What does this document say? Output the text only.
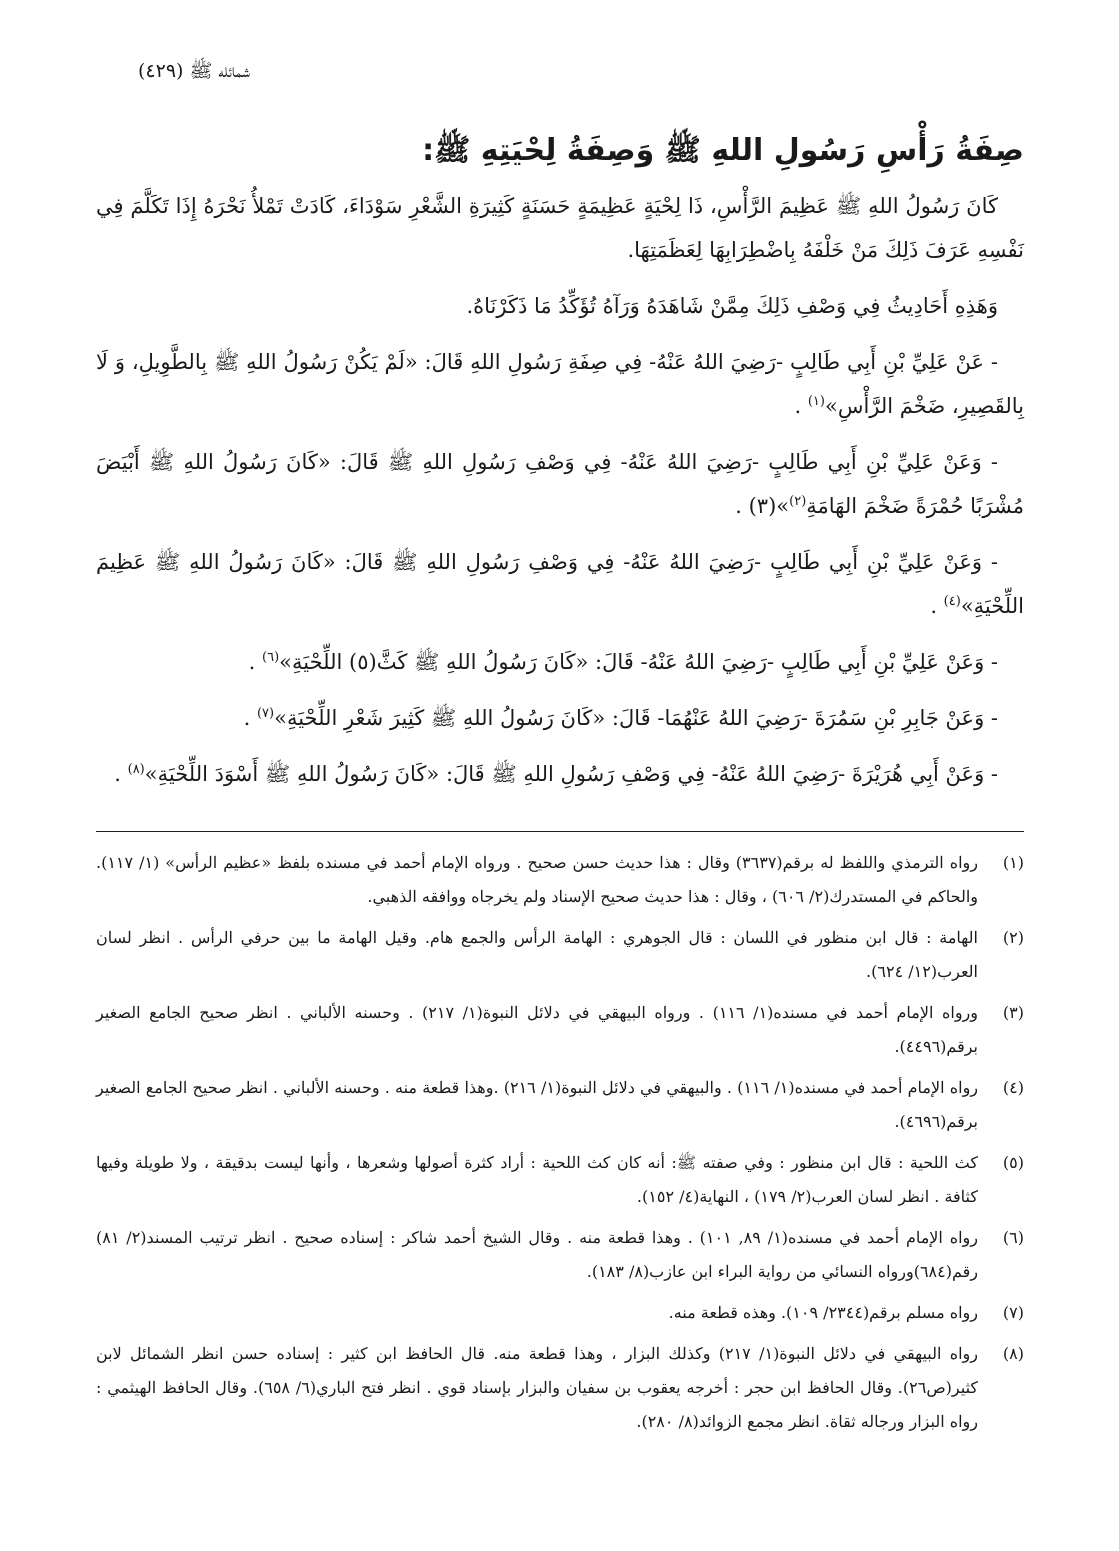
شمائله ﷺ (٤٢٩)
صِفَةُ رَأْسِ رَسُولِ اللهِ ﷺ وَصِفَةُ لِحْيَتِهِ ﷺ:

كَانَ رَسُولُ اللهِ ﷺ عَظِيمَ الرَّأْسِ، ذَا لِحْيَةٍ عَظِيمَةٍ حَسَنَةٍ كَثِيرَةِ الشَّعْرِ سَوْدَاءَ، كَادَتْ تَمْلأُ نَحْرَهُ إِذَا تَكَلَّمَ فِي نَفْسِهِ عَرَفَ ذَلِكَ مَنْ خَلْفَهُ بِاضْطِرَابِهَا لِعَظَمَتِهَا.

وَهَذِهِ أَحَادِيثُ فِي وَصْفِ ذَلِكَ مِمَّنْ شَاهَدَهُ وَرَآهُ تُؤَكِّدُ مَا ذَكَرْنَاهُ.

- عَنْ عَلِيِّ بْنِ أَبِي طَالِبٍ -رَضِيَ اللهُ عَنْهُ- فِي صِفَةِ رَسُولِ اللهِ قَالَ: «لَمْ يَكُنْ رَسُولُ اللهِ ﷺ بِالطَّوِيلِ، وَ لَا بِالقَصِيرِ، ضَخْمَ الرَّأْسِ»$^{(١)}$ .

- وَعَنْ عَلِيِّ بْنِ أَبِي طَالِبٍ -رَضِيَ اللهُ عَنْهُ- فِي وَصْفِ رَسُولِ اللهِ ﷺ قَالَ: «كَانَ رَسُولُ اللهِ ﷺ أَبْيَضَ مُشْرَبًا حُمْرَةً ضَخْمَ الهَامَةِ$^{(٢)}$»(٣) .

- وَعَنْ عَلِيِّ بْنِ أَبِي طَالِبٍ -رَضِيَ اللهُ عَنْهُ- فِي وَصْفِ رَسُولِ اللهِ ﷺ قَالَ: «كَانَ رَسُولُ اللهِ ﷺ عَظِيمَ اللِّحْيَةِ»$^{(٤)}$ .

- وَعَنْ عَلِيِّ بْنِ أَبِي طَالِبٍ -رَضِيَ اللهُ عَنْهُ- قَالَ: «كَانَ رَسُولُ اللهِ ﷺ كَثَّ(٥) اللِّحْيَةِ»$^{(٦)}$ .

- وَعَنْ جَابِرِ بْنِ سَمُرَةَ -رَضِيَ اللهُ عَنْهُمَا- قَالَ: «كَانَ رَسُولُ اللهِ ﷺ كَثِيرَ شَعْرِ اللِّحْيَةِ»$^{(٧)}$ .

- وَعَنْ أَبِي هُرَيْرَةَ -رَضِيَ اللهُ عَنْهُ- فِي وَصْفِ رَسُولِ اللهِ ﷺ قَالَ: «كَانَ رَسُولُ اللهِ ﷺ أَسْوَدَ اللِّحْيَةِ»$^{(٨)}$ .

(١)
رواه الترمذي واللفظ له برقم(٣٦٣٧) وقال : هذا حديث حسن صحيح . ورواه الإمام أحمد في مسنده بلفظ «عظيم الرأس» (١/ ١١٧). والحاكم في المستدرك(٢/ ٦٠٦) ، وقال : هذا حديث صحيح الإسناد ولم يخرجاه ووافقه الذهبي.
(٢)
الهامة : قال ابن منظور في اللسان : قال الجوهري : الهامة الرأس والجمع هام. وقيل الهامة ما بين حرفي الرأس . انظر لسان العرب(١٢/ ٦٢٤).
(٣)
ورواه الإمام أحمد في مسنده(١/ ١١٦) . ورواه البيهقي في دلائل النبوة(١/ ٢١٧) . وحسنه الألباني . انظر صحيح الجامع الصغير برقم(٤٤٩٦).
(٤)
رواه الإمام أحمد في مسنده(١/ ١١٦) . والبيهقي في دلائل النبوة(١/ ٢١٦) .وهذا قطعة منه . وحسنه الألباني . انظر صحيح الجامع الصغير برقم(٤٦٩٦).
(٥)
كث اللحية : قال ابن منظور : وفي صفته ﷺ: أنه كان كث اللحية : أراد كثرة أصولها وشعرها ، وأنها ليست بدقيقة ، ولا طويلة وفيها كثافة . انظر لسان العرب(٢/ ١٧٩) ، النهاية(٤/ ١٥٢).
(٦)
رواه الإمام أحمد في مسنده(١/ ٨٩, ١٠١) . وهذا قطعة منه . وقال الشيخ أحمد شاكر : إسناده صحيح . انظر ترتيب المسند(٢/ ٨١) رقم(٦٨٤)ورواه النسائي من رواية البراء ابن عازب(٨/ ١٨٣).
(٧)
رواه مسلم برقم(٢٣٤٤/ ١٠٩). وهذه قطعة منه.
(٨)
رواه البيهقي في دلائل النبوة(١/ ٢١٧) وكذلك البزار ، وهذا قطعة منه. قال الحافظ ابن كثير : إسناده حسن انظر الشمائل لابن كثير(ص٢٦). وقال الحافظ ابن حجر : أخرجه يعقوب بن سفيان والبزار بإسناد قوي . انظر فتح الباري(٦/ ٦٥٨). وقال الحافظ الهيثمي : رواه البزار ورجاله ثقاة. انظر مجمع الزوائد(٨/ ٢٨٠).
